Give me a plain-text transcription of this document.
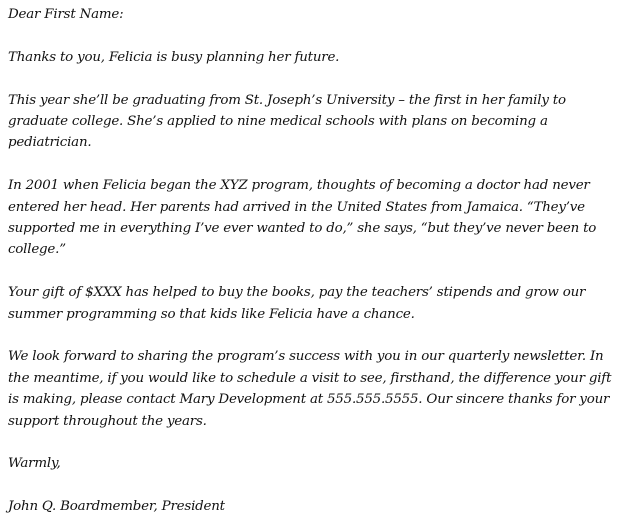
Dear First Name:

Thanks to you, Felicia is busy planning her future.

This year she’ll be graduating from St. Joseph’s University – the first in her family to graduate college. She’s applied to nine medical schools with plans on becoming a pediatrician.

In 2001 when Felicia began the XYZ program, thoughts of becoming a doctor had never entered her head. Her parents had arrived in the United States from Jamaica. “They’ve supported me in everything I’ve ever wanted to do,” she says, “but they’ve never been to college.”

Your gift of $XXX has helped to buy the books, pay the teachers’ stipends and grow our summer programming so that kids like Felicia have a chance.

We look forward to sharing the program’s success with you in our quarterly newsletter. In the meantime, if you would like to schedule a visit to see, firsthand, the difference your gift is making, please contact Mary Development at 555.555.5555. Our sincere thanks for your support throughout the years.

Warmly,

John Q. Boardmember, President
